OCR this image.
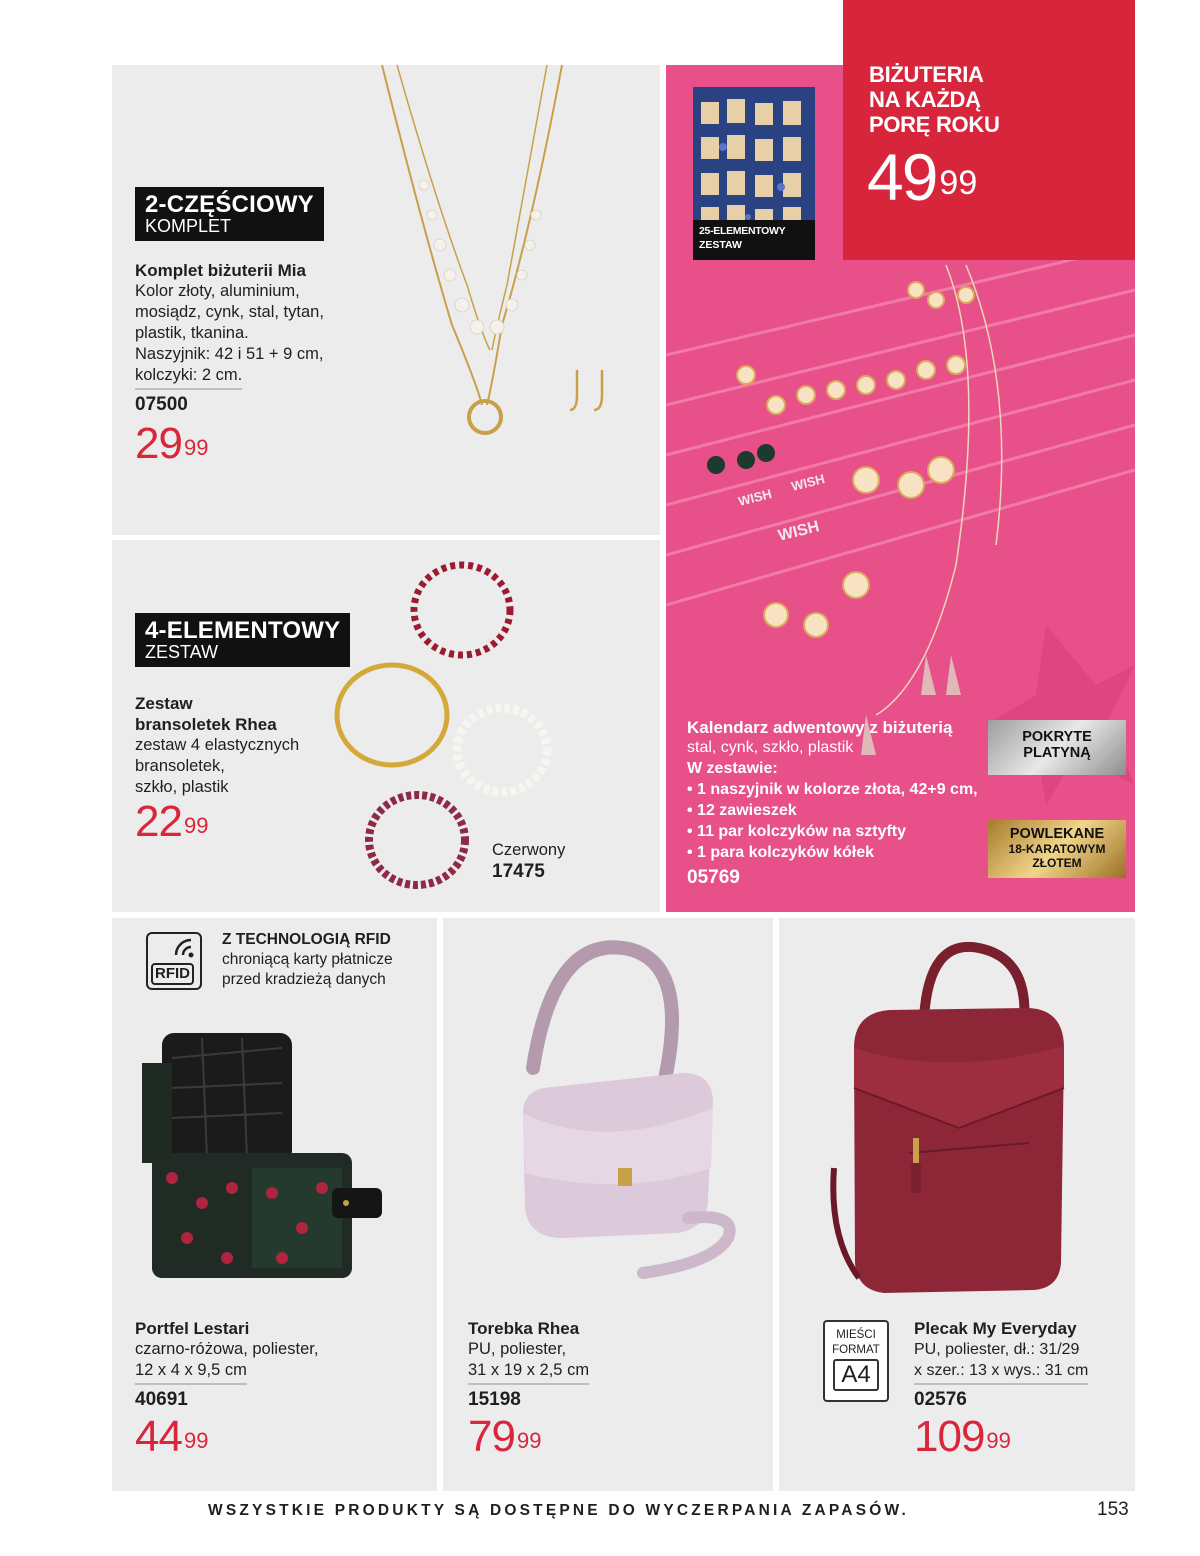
2-CZĘŚCIOWY
KOMPLET
Komplet biżuterii Mia
Kolor złoty, aluminium,
mosiądz, cynk, stal, tytan,
plastik, tkanina.
Naszyjnik: 42 i 51 + 9 cm,
kolczyki: 2 cm.
07500
$29^{99}$
4-ELEMENTOWY
ZESTAW
Zestaw
bransoletek Rhea
zestaw 4 elastycznych
bransoletek,
szkło, plastik
$22^{99}$
Czerwony
17475
25-ELEMENTOWY
ZESTAW
WISH
WISH
WISH
Kalendarz adwentowy z biżuterią
stal, cynk, szkło, plastik
W zestawie:
• 1 naszyjnik w kolorze złota, 42+9 cm,
• 12 zawieszek
• 11 par kolczyków na sztyfty
• 1 para kolczyków kółek
05769
POKRYTE
PLATYNĄ
POWLEKANE
18-KARATOWYM
ZŁOTEM
BIŻUTERIA
NA KAŻDĄ
PORĘ ROKU
$49^{99}$
RFID
Z TECHNOLOGIĄ RFID
chroniącą karty płatnicze
przed kradzieżą danych
Portfel Lestari
czarno-różowa, poliester,
12 x 4 x 9,5 cm
40691
$44^{99}$
Torebka Rhea
PU, poliester,
31 x 19 x 2,5 cm
15198
$79^{99}$
MIEŚCI
FORMAT
A4
Plecak My Everyday
PU, poliester, dł.: 31/29
x szer.: 13 x wys.: 31 cm
02576
$109^{99}$
WSZYSTKIE PRODUKTY SĄ DOSTĘPNE DO WYCZERPANIA ZAPASÓW.	153
